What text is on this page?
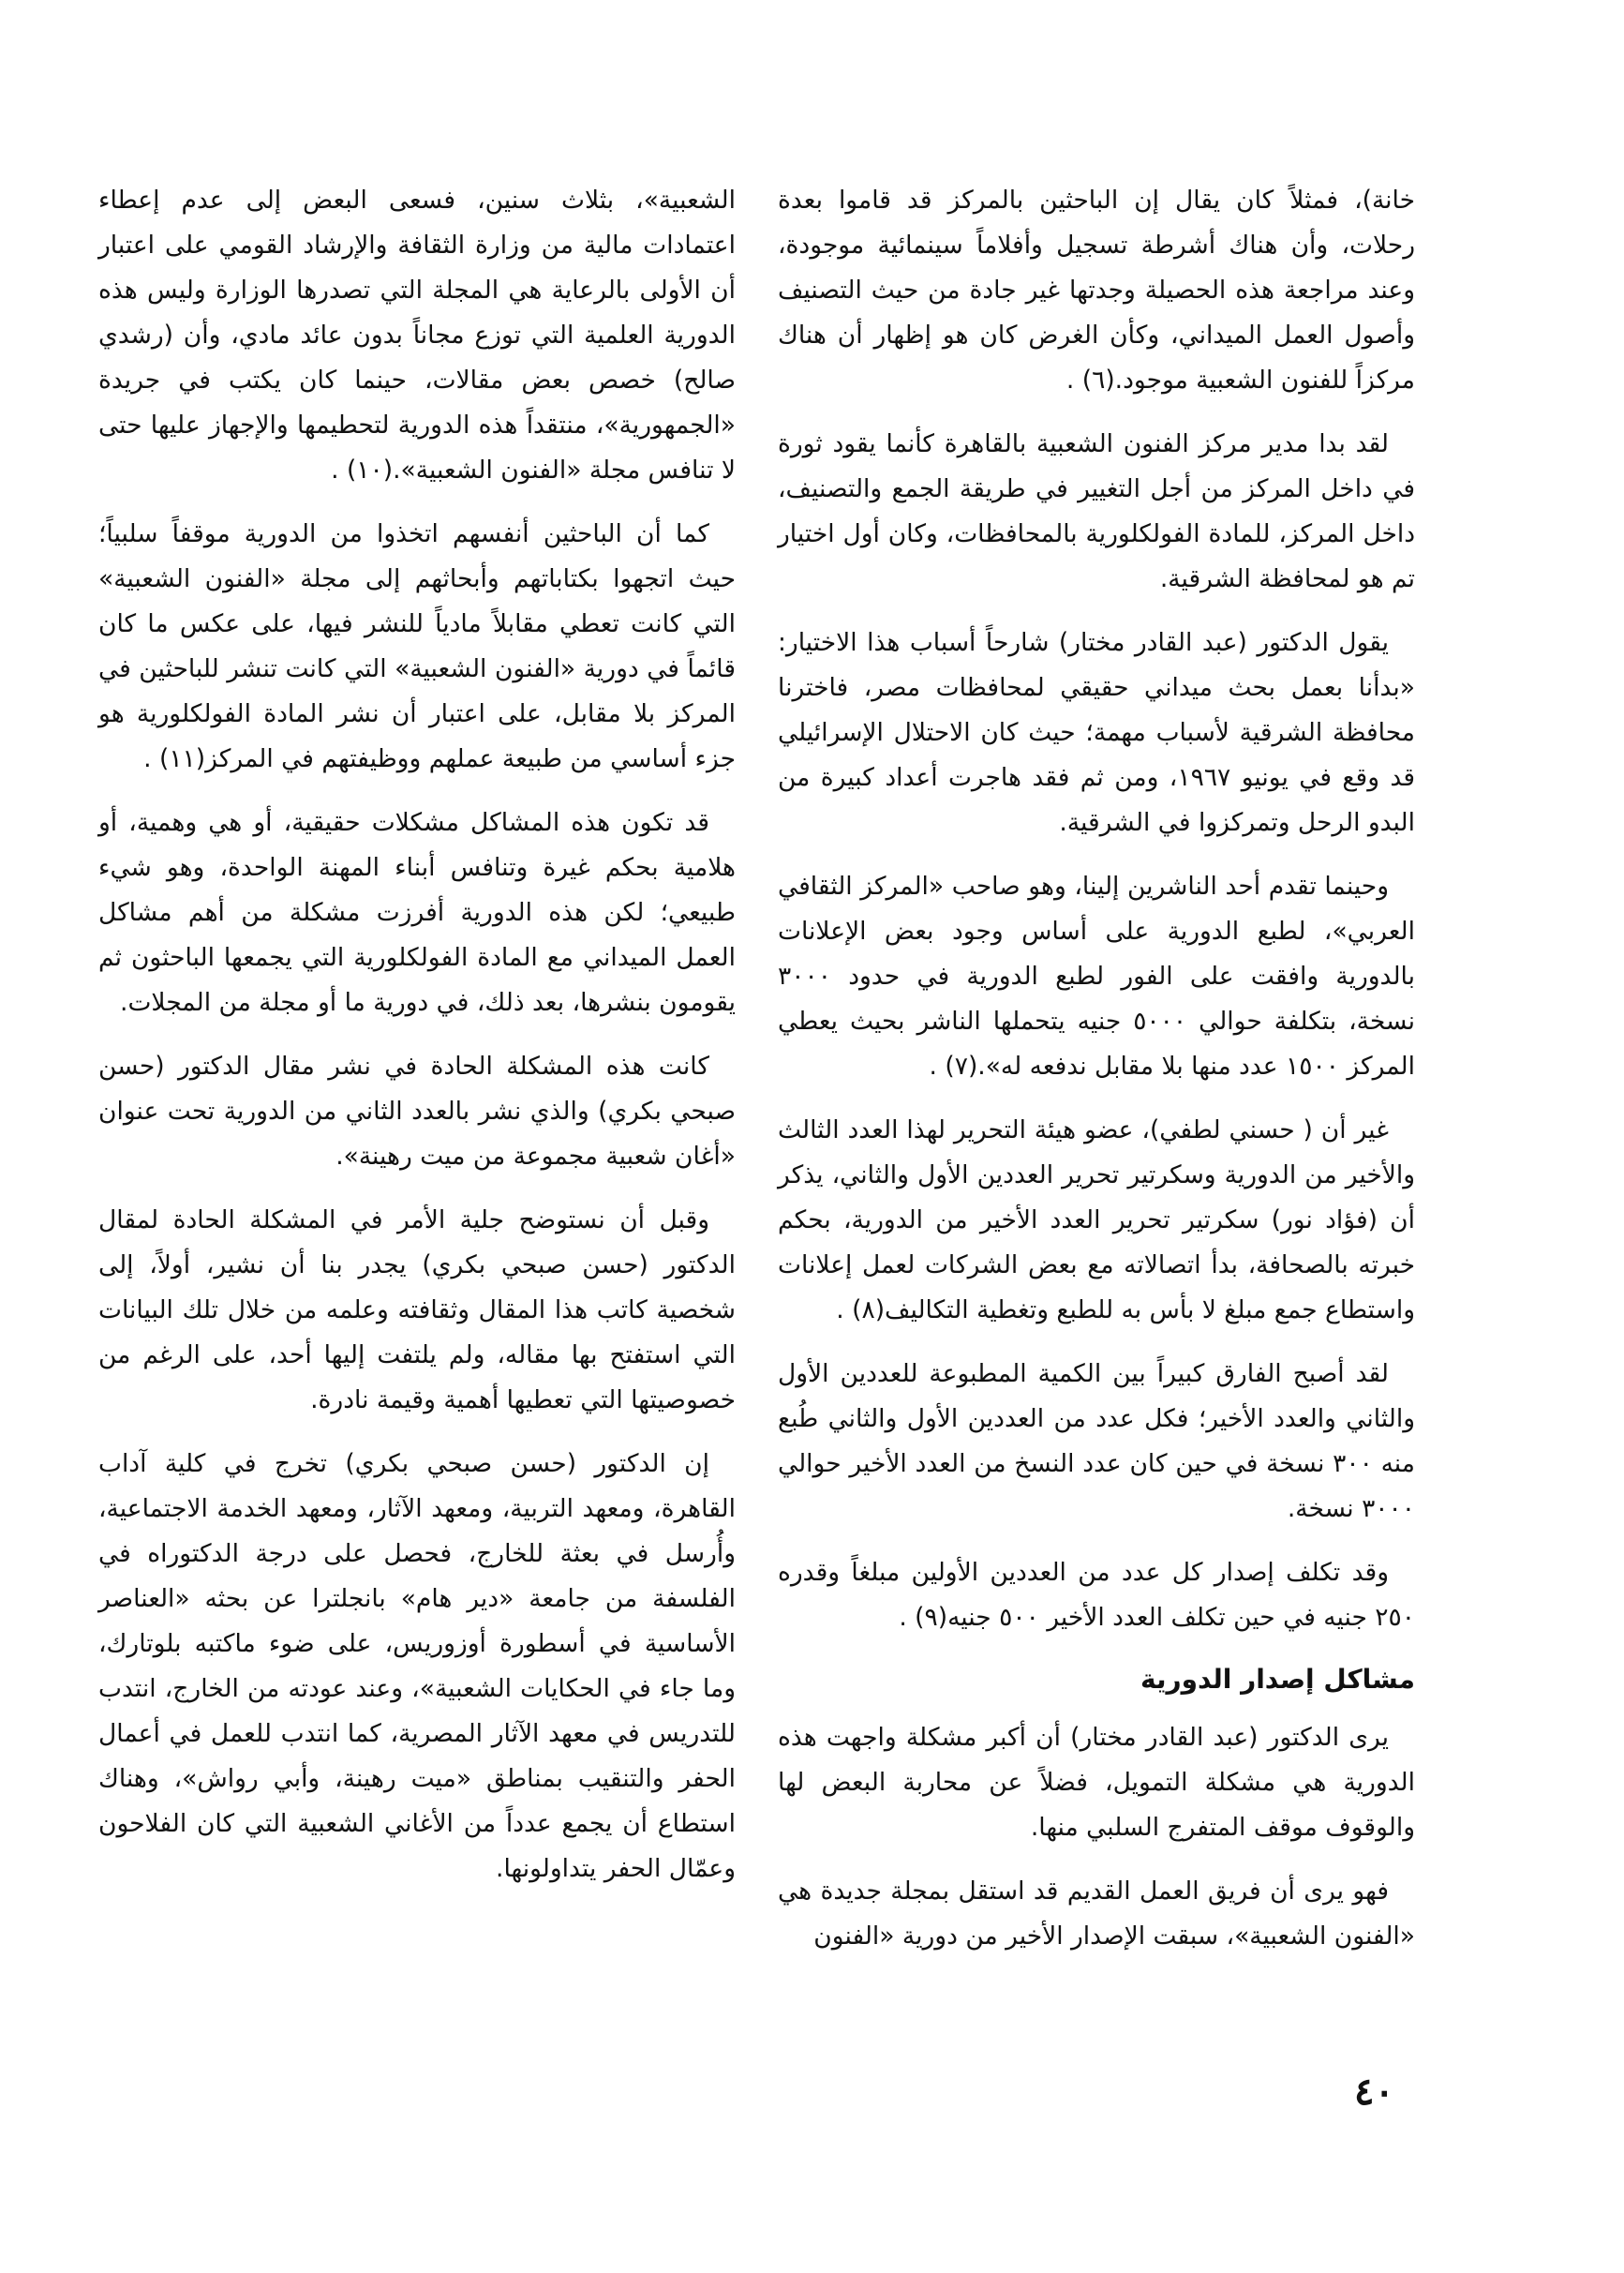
خانة)، فمثلاً كان يقال إن الباحثين بالمركز قد قاموا بعدة رحلات، وأن هناك أشرطة تسجيل وأفلاماً سينمائية موجودة، وعند مراجعة هذه الحصيلة وجدتها غير جادة من حيث التصنيف وأصول العمل الميداني، وكأن الغرض كان هو إظهار أن هناك مركزاً للفنون الشعبية موجود.(٦) .

لقد بدا مدير مركز الفنون الشعبية بالقاهرة كأنما يقود ثورة في داخل المركز من أجل التغيير في طريقة الجمع والتصنيف، داخل المركز، للمادة الفولكلورية بالمحافظات، وكان أول اختيار تم هو لمحافظة الشرقية.

يقول الدكتور (عبد القادر مختار) شارحاً أسباب هذا الاختيار: «بدأنا بعمل بحث ميداني حقيقي لمحافظات مصر، فاخترنا محافظة الشرقية لأسباب مهمة؛ حيث كان الاحتلال الإسرائيلي قد وقع في يونيو ١٩٦٧، ومن ثم فقد هاجرت أعداد كبيرة من البدو الرحل وتمركزوا في الشرقية.

وحينما تقدم أحد الناشرين إلينا، وهو صاحب «المركز الثقافي العربي»، لطبع الدورية على أساس وجود بعض الإعلانات بالدورية وافقت على الفور لطبع الدورية في حدود ٣٠٠٠ نسخة، بتكلفة حوالي ٥٠٠٠ جنيه يتحملها الناشر بحيث يعطي المركز ١٥٠٠ عدد منها بلا مقابل ندفعه له».(٧) .

غير أن ( حسني لطفي)، عضو هيئة التحرير لهذا العدد الثالث والأخير من الدورية وسكرتير تحرير العددين الأول والثاني، يذكر أن (فؤاد نور) سكرتير تحرير العدد الأخير من الدورية، بحكم خبرته بالصحافة، بدأ اتصالاته مع بعض الشركات لعمل إعلانات واستطاع جمع مبلغ لا بأس به للطبع وتغطية التكاليف(٨) .

لقد أصبح الفارق كبيراً بين الكمية المطبوعة للعددين الأول والثاني والعدد الأخير؛ فكل عدد من العددين الأول والثاني طُبع منه ٣٠٠ نسخة في حين كان عدد النسخ من العدد الأخير حوالي ٣٠٠٠ نسخة.

وقد تكلف إصدار كل عدد من العددين الأولين مبلغاً وقدره ٢٥٠ جنيه في حين تكلف العدد الأخير ٥٠٠ جنيه(٩) .

مشاكل إصدار الدورية

يرى الدكتور (عبد القادر مختار) أن أكبر مشكلة واجهت هذه الدورية هي مشكلة التمويل، فضلاً عن محاربة البعض لها والوقوف موقف المتفرج السلبي منها.

فهو يرى أن فريق العمل القديم قد استقل بمجلة جديدة هي «الفنون الشعبية»، سبقت الإصدار الأخير من دورية «الفنون

الشعبية»، بثلاث سنين، فسعى البعض إلى عدم إعطاء اعتمادات مالية من وزارة الثقافة والإرشاد القومي على اعتبار أن الأولى بالرعاية هي المجلة التي تصدرها الوزارة وليس هذه الدورية العلمية التي توزع مجاناً بدون عائد مادي، وأن (رشدي صالح) خصص بعض مقالات، حينما كان يكتب في جريدة «الجمهورية»، منتقداً هذه الدورية لتحطيمها والإجهاز عليها حتى لا تنافس مجلة «الفنون الشعبية».(١٠) .

كما أن الباحثين أنفسهم اتخذوا من الدورية موقفاً سلبياً؛ حيث اتجهوا بكتاباتهم وأبحاثهم إلى مجلة «الفنون الشعبية» التي كانت تعطي مقابلاً مادياً للنشر فيها، على عكس ما كان قائماً في دورية «الفنون الشعبية» التي كانت تنشر للباحثين في المركز بلا مقابل، على اعتبار أن نشر المادة الفولكلورية هو جزء أساسي من طبيعة عملهم ووظيفتهم في المركز(١١) .

قد تكون هذه المشاكل مشكلات حقيقية، أو هي وهمية، أو هلامية بحكم غيرة وتنافس أبناء المهنة الواحدة، وهو شيء طبيعي؛ لكن هذه الدورية أفرزت مشكلة من أهم مشاكل العمل الميداني مع المادة الفولكلورية التي يجمعها الباحثون ثم يقومون بنشرها، بعد ذلك، في دورية ما أو مجلة من المجلات.

كانت هذه المشكلة الحادة في نشر مقال الدكتور (حسن صبحي بكري) والذي نشر بالعدد الثاني من الدورية تحت عنوان «أغان شعبية مجموعة من ميت رهينة».

وقبل أن نستوضح جلية الأمر في المشكلة الحادة لمقال الدكتور (حسن صبحي بكري) يجدر بنا أن نشير، أولاً، إلى شخصية كاتب هذا المقال وثقافته وعلمه من خلال تلك البيانات التي استفتح بها مقاله، ولم يلتفت إليها أحد، على الرغم من خصوصيتها التي تعطيها أهمية وقيمة نادرة.

إن الدكتور (حسن صبحي بكري) تخرج في كلية آداب القاهرة، ومعهد التربية، ومعهد الآثار، ومعهد الخدمة الاجتماعية، وأُرسل في بعثة للخارج، فحصل على درجة الدكتوراه في الفلسفة من جامعة «دير هام» بانجلترا عن بحثه «العناصر الأساسية في أسطورة أوزوريس، على ضوء ماكتبه بلوتارك، وما جاء في الحكايات الشعبية»، وعند عودته من الخارج، انتدب للتدريس في معهد الآثار المصرية، كما انتدب للعمل في أعمال الحفر والتنقيب بمناطق «ميت رهينة، وأبي رواش»، وهناك استطاع أن يجمع عدداً من الأغاني الشعبية التي كان الفلاحون وعمّال الحفر يتداولونها.

٤٠
